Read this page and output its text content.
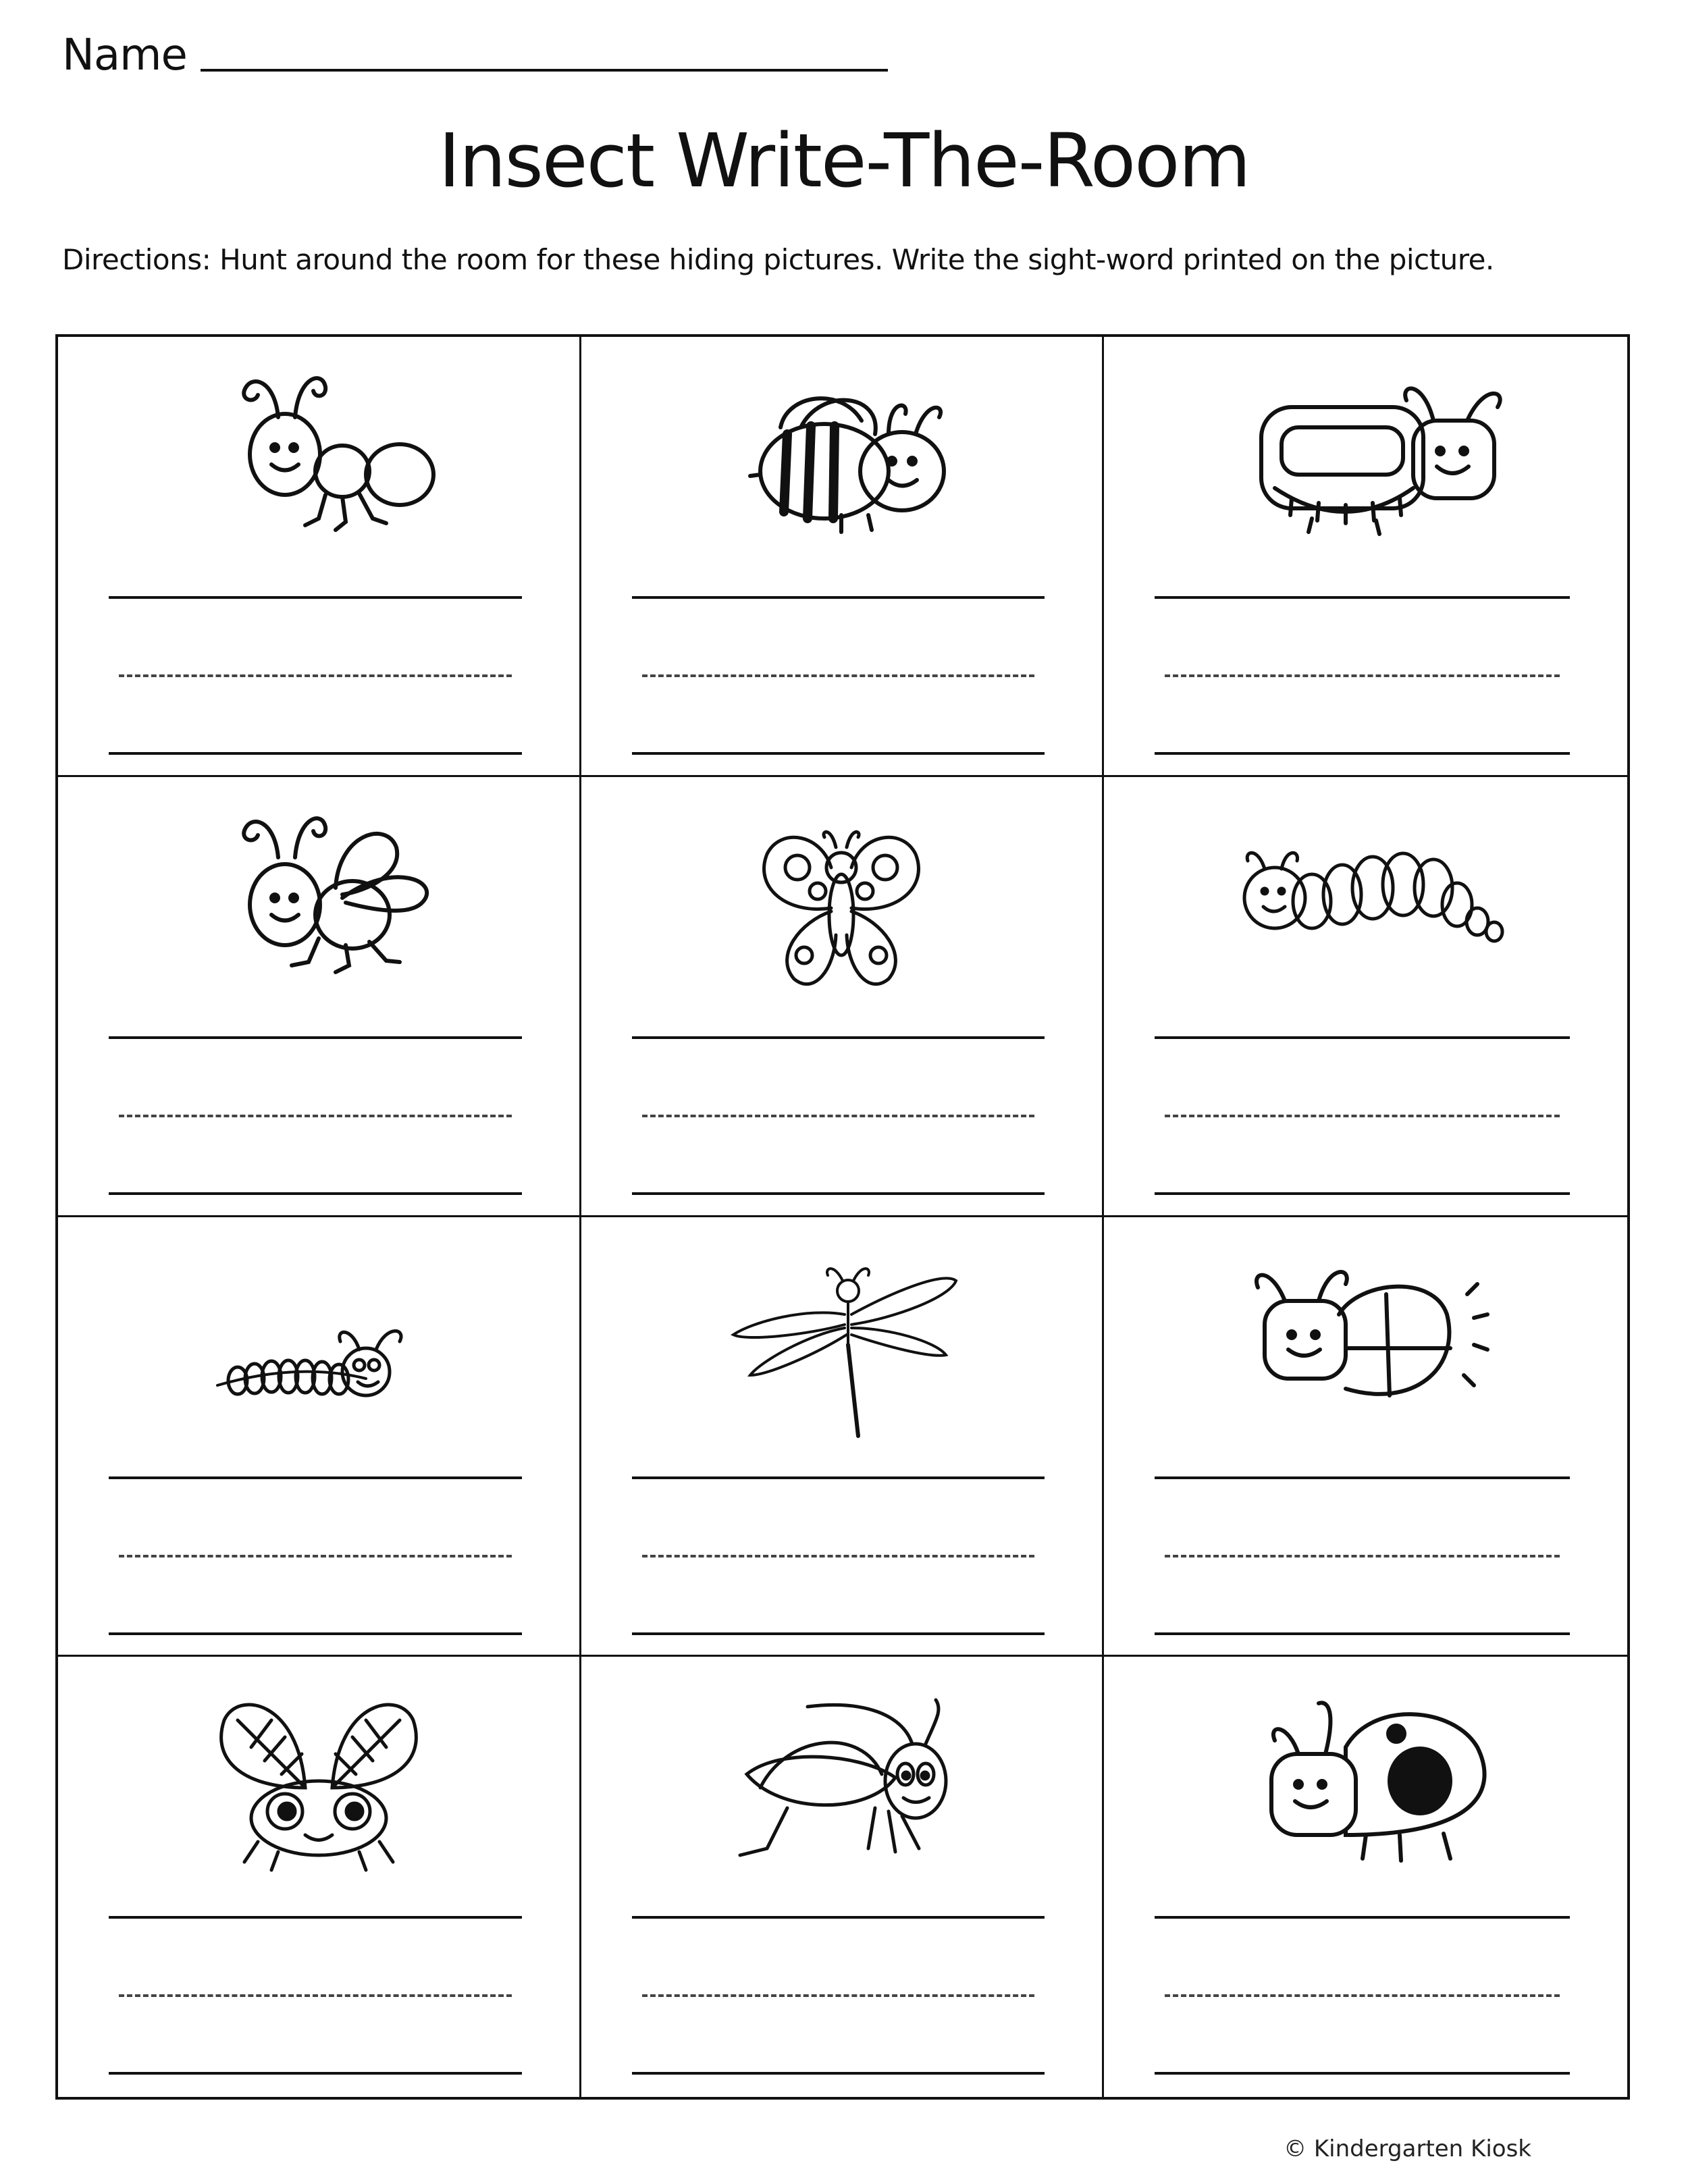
Name
Insect Write-The-Room
Directions: Hunt around the room for these hiding pictures. Write the sight-word printed on the picture.
© Kindergarten Kiosk
